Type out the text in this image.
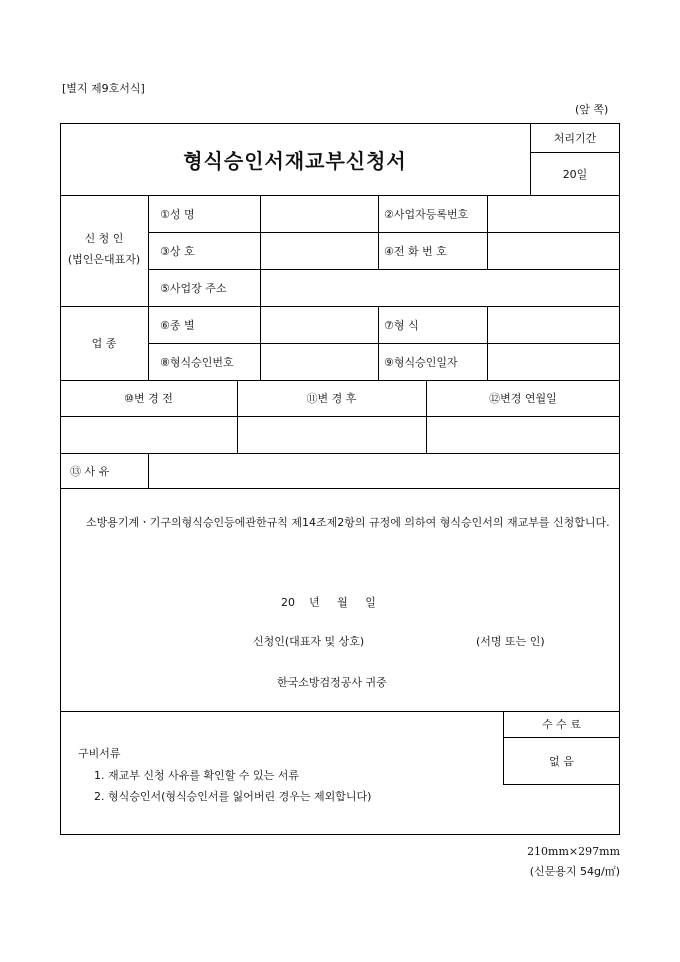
[별지 제9호서식]
(앞 쪽)
형식승인서재교부신청서
처리기간
20일
신 청 인
(법인은대표자)
①성 명	②사업자등록번호
③상 호	④전 화 번 호
⑤사업장 주소
업 종
⑥종 별	⑦형 식
⑧형식승인번호	⑨형식승인일자
⑩변 경 전	⑪변 경 후	⑫변경 연월일
⑬ 사 유
소방용기계ㆍ기구의형식승인등에관한규칙 제14조제2항의 규정에 의하여 형식승인서의 재교부를 신청합니다.
20    년     월     일
신청인(대표자 및 상호)	(서명 또는 인)
한국소방검정공사 귀중
수 수 료
없 음
구비서류
1. 재교부 신청 사유를 확인할 수 있는 서류
2. 형식승인서(형식승인서를 잃어버린 경우는 제외합니다)
210mm×297mm
(신문용지 54g/㎡)
